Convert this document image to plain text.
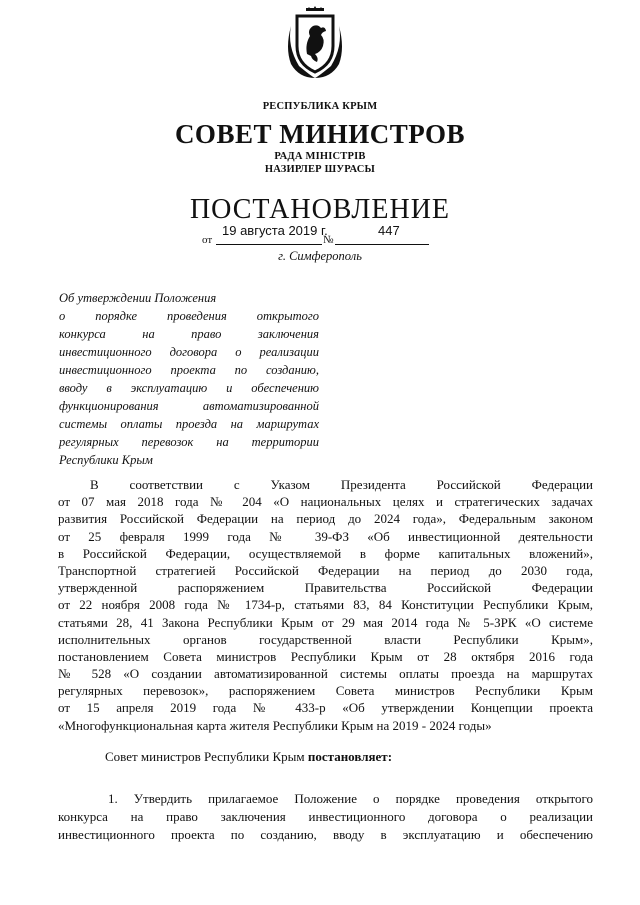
РЕСПУБЛИКА КРЫМ
СОВЕТ МИНИСТРОВ
РАДА МІНІСТРІВ
НАЗИРЛЕР ШУРАСЫ
ПОСТАНОВЛЕНИЕ
от
19 августа 2019 г.
№
447
г. Симферополь
Об утверждении Положения
о порядке проведения открытого
конкурса на право заключения
инвестиционного договора о реализации
инвестиционного проекта по созданию,
вводу в эксплуатацию и обеспечению
функционирования автоматизированной
системы оплаты проезда на маршрутах
регулярных перевозок на территории
Республики Крым
В соответствии с Указом Президента Российской Федерации
от 07 мая 2018 года № 204 «О национальных целях и стратегических задачах
развития Российской Федерации на период до 2024 года», Федеральным законом
от 25 февраля 1999 года № 39-ФЗ «Об инвестиционной деятельности
в Российской Федерации, осуществляемой в форме капитальных вложений»,
Транспортной стратегией Российской Федерации на период до 2030 года,
утвержденной распоряжением Правительства Российской Федерации
от 22 ноября 2008 года № 1734-р, статьями 83, 84 Конституции Республики Крым,
статьями 28, 41 Закона Республики Крым от 29 мая 2014 года № 5-ЗРК «О системе
исполнительных органов государственной власти Республики Крым»,
постановлением Совета министров Республики Крым от 28 октября 2016 года
№ 528 «О создании автоматизированной системы оплаты проезда на маршрутах
регулярных перевозок», распоряжением Совета министров Республики Крым
от 15 апреля 2019 года № 433-р «Об утверждении Концепции проекта
«Многофункциональная карта жителя Республики Крым на 2019 - 2024 годы»
Совет министров Республики Крым постановляет:
1. Утвердить прилагаемое Положение о порядке проведения открытого
конкурса на право заключения инвестиционного договора о реализации
инвестиционного проекта по созданию, вводу в эксплуатацию и обеспечению
